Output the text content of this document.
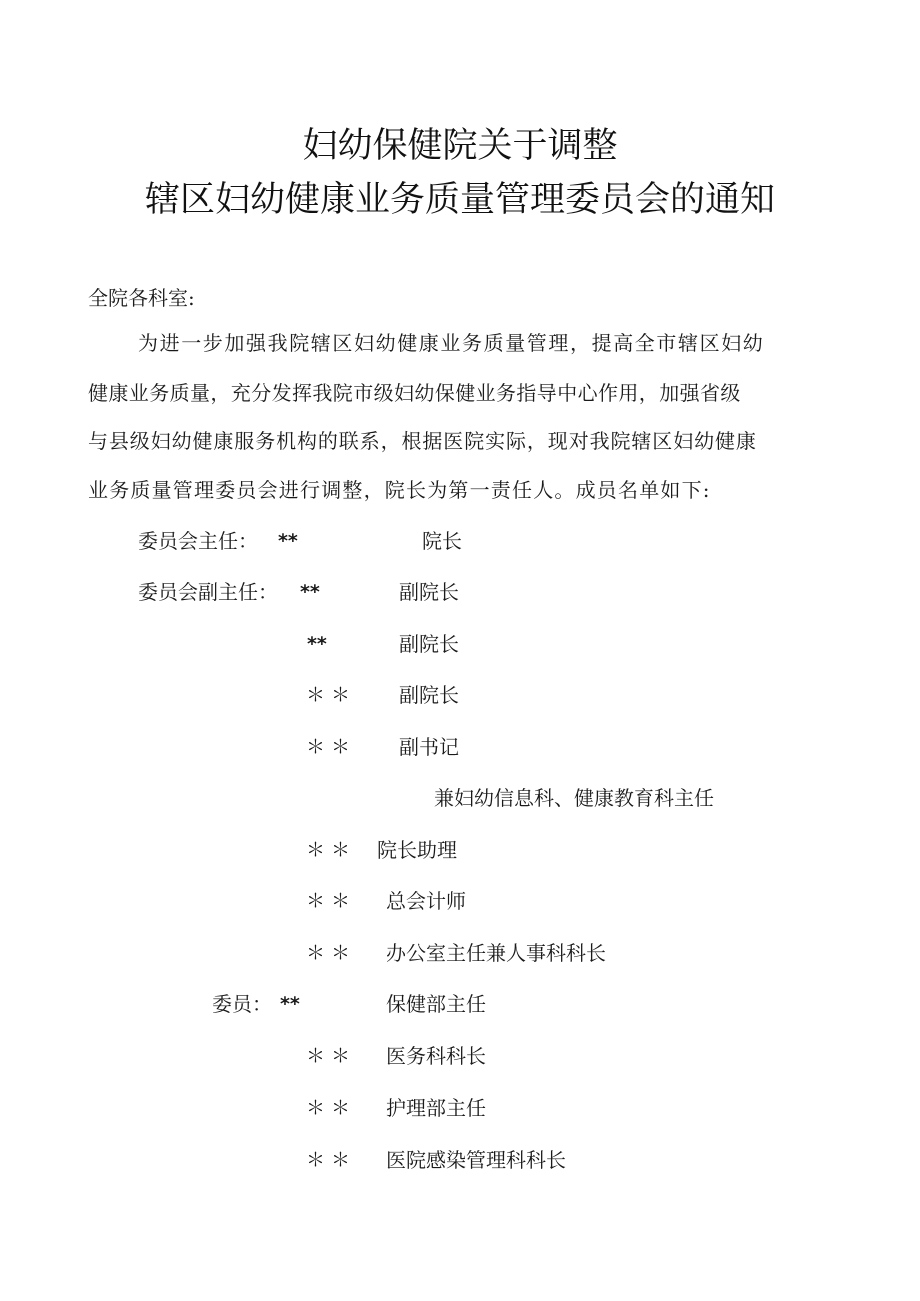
妇幼保健院关于调整
辖区妇幼健康业务质量管理委员会的通知
全院各科室:
为进一步加强我院辖区妇幼健康业务质量管理，提高全市辖区妇幼
健康业务质量，充分发挥我院市级妇幼保健业务指导中心作用，加强省级
与县级妇幼健康服务机构的联系，根据医院实际，现对我院辖区妇幼健康
业务质量管理委员会进行调整，院长为第一责任人。成员名单如下:
委员会主任： **	院长
委员会副主任： **	副院长
**	副院长
＊＊ 副院长
＊＊ 副书记
兼妇幼信息科、健康教育科主任
＊＊ 院长助理
＊＊ 总会计师
＊＊ 办公室主任兼人事科科长
委员： **	保健部主任
＊＊ 医务科科长
＊＊ 护理部主任
＊＊ 医院感染管理科科长
